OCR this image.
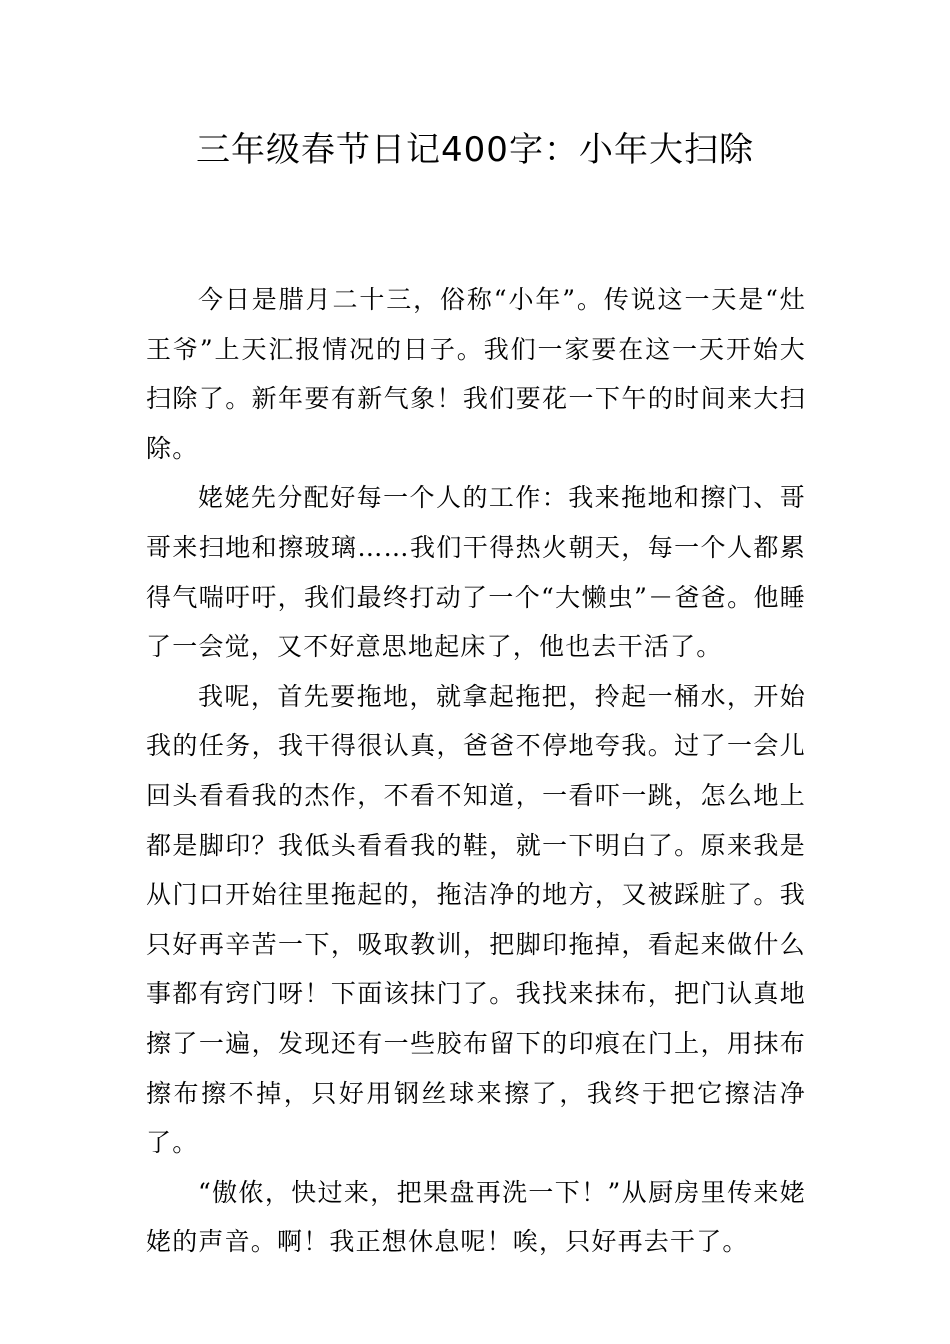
三年级春节日记400字：小年大扫除

今日是腊月二十三，俗称“小年”。传说这一天是“灶王爷”上天汇报情况的日子。我们一家要在这一天开始大扫除了。新年要有新气象！我们要花一下午的时间来大扫除。

姥姥先分配好每一个人的工作：我来拖地和擦门、哥哥来扫地和擦玻璃……我们干得热火朝天，每一个人都累得气喘吁吁，我们最终打动了一个“大懒虫”－爸爸。他睡了一会觉，又不好意思地起床了，他也去干活了。

我呢，首先要拖地，就拿起拖把，拎起一桶水，开始我的任务，我干得很认真，爸爸不停地夸我。过了一会儿回头看看我的杰作，不看不知道，一看吓一跳，怎么地上都是脚印？我低头看看我的鞋，就一下明白了。原来我是从门口开始往里拖起的，拖洁净的地方，又被踩脏了。我只好再辛苦一下，吸取教训，把脚印拖掉，看起来做什么事都有窍门呀！下面该抹门了。我找来抹布，把门认真地擦了一遍，发现还有一些胶布留下的印痕在门上，用抹布擦布擦不掉，只好用钢丝球来擦了，我终于把它擦洁净了。

“傲侬，快过来，把果盘再洗一下！”从厨房里传来姥姥的声音。啊！我正想休息呢！唉，只好再去干了。
